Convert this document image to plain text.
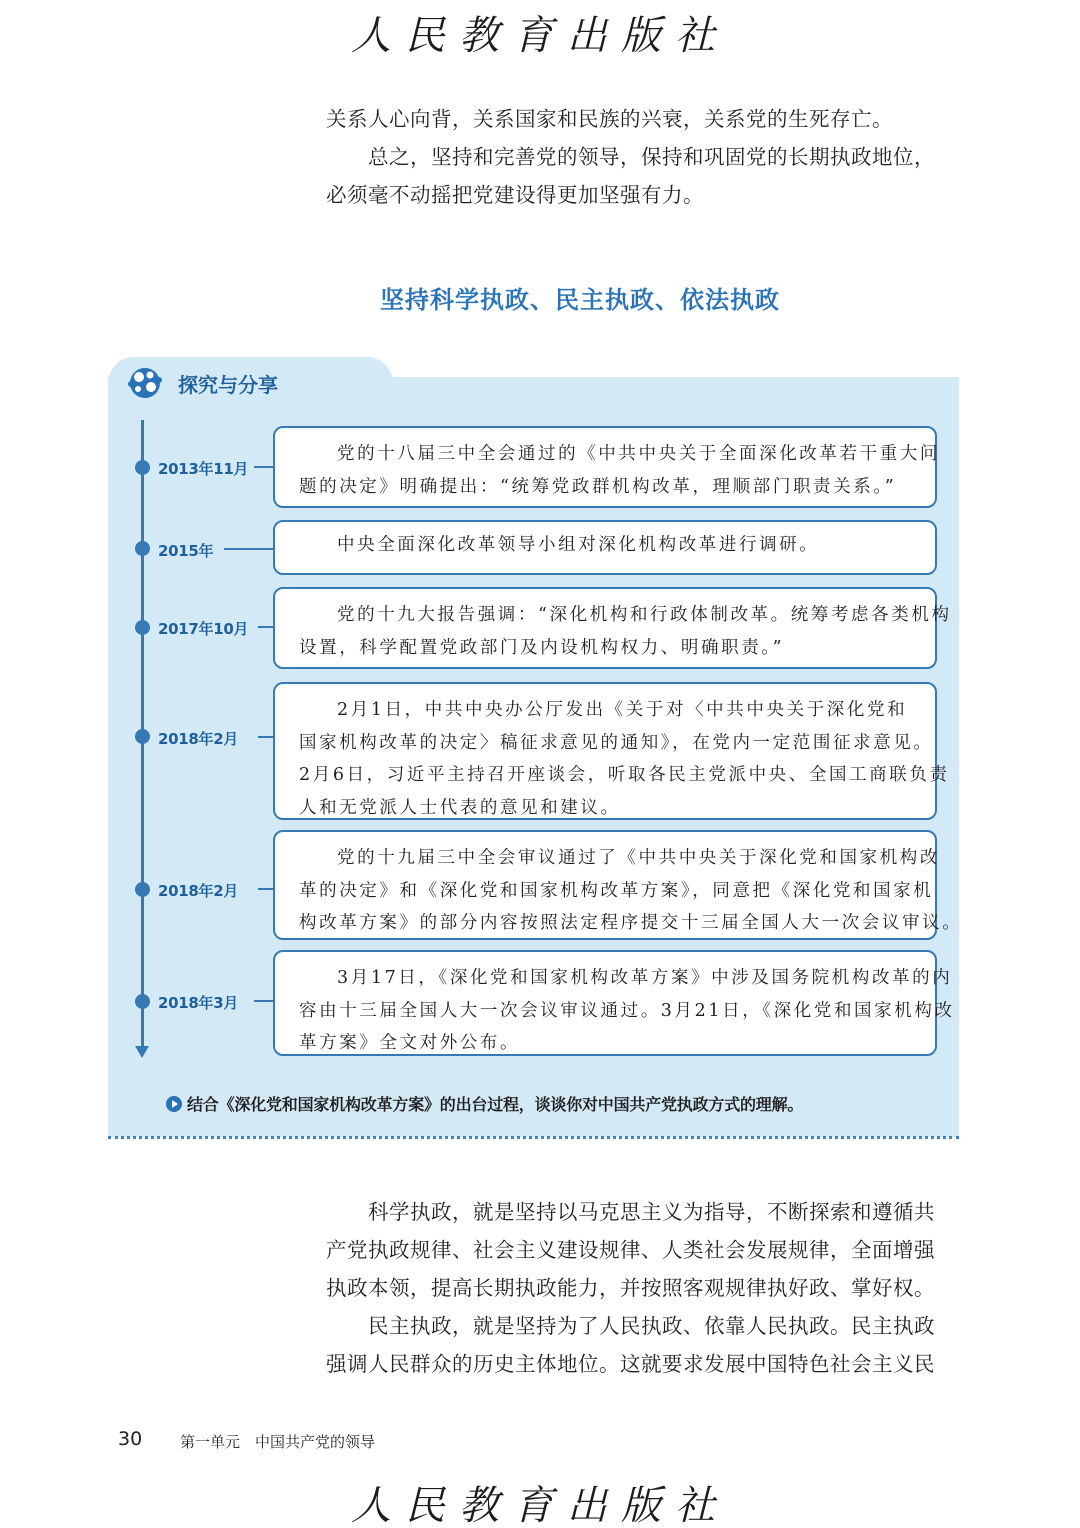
人民教育出版社
关系人心向背，关系国家和民族的兴衰，关系党的生死存亡。
总之，坚持和完善党的领导，保持和巩固党的长期执政地位，
必须毫不动摇把党建设得更加坚强有力。
坚持科学执政、民主执政、依法执政
探究与分享
2013年11月
党的十八届三中全会通过的《中共中央关于全面深化改革若干重大问
题的决定》明确提出：“统筹党政群机构改革，理顺部门职责关系。”
2015年	中央全面深化改革领导小组对深化机构改革进行调研。
2017年10月
党的十九大报告强调：“深化机构和行政体制改革。统筹考虑各类机构
设置，科学配置党政部门及内设机构权力、明确职责。”
2018年2月
2月1日，中共中央办公厅发出《关于对〈中共中央关于深化党和
国家机构改革的决定〉稿征求意见的通知》，在党内一定范围征求意见。
2月6日，习近平主持召开座谈会，听取各民主党派中央、全国工商联负责
人和无党派人士代表的意见和建议。
2018年2月
党的十九届三中全会审议通过了《中共中央关于深化党和国家机构改
革的决定》和《深化党和国家机构改革方案》，同意把《深化党和国家机
构改革方案》的部分内容按照法定程序提交十三届全国人大一次会议审议。
2018年3月
3月17日，《深化党和国家机构改革方案》中涉及国务院机构改革的内
容由十三届全国人大一次会议审议通过。3月21日，《深化党和国家机构改
革方案》全文对外公布。
结合《深化党和国家机构改革方案》的出台过程，谈谈你对中国共产党执政方式的理解。
科学执政，就是坚持以马克思主义为指导，不断探索和遵循共
产党执政规律、社会主义建设规律、人类社会发展规律，全面增强
执政本领，提高长期执政能力，并按照客观规律执好政、掌好权。
民主执政，就是坚持为了人民执政、依靠人民执政。民主执政
强调人民群众的历史主体地位。这就要求发展中国特色社会主义民
30	第一单元　中国共产党的领导
人民教育出版社
